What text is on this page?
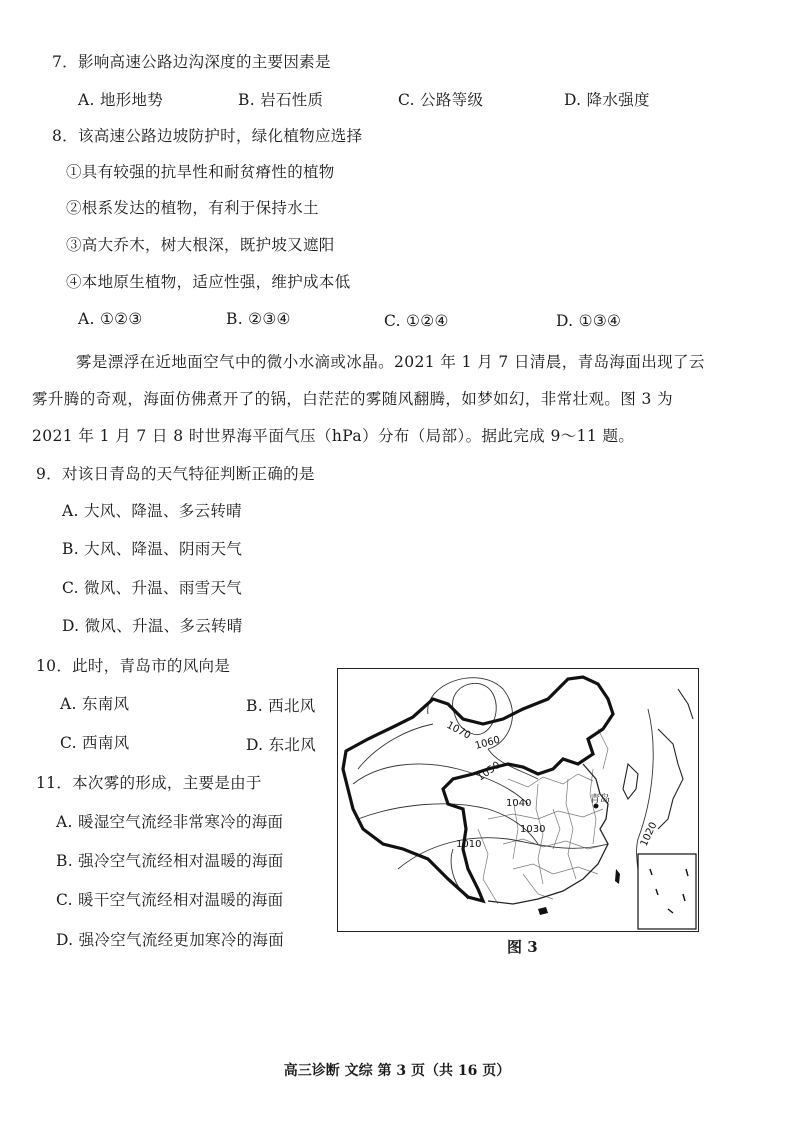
7．影响高速公路边沟深度的主要因素是
A. 地形地势	B. 岩石性质	C. 公路等级	D. 降水强度
8．该高速公路边坡防护时，绿化植物应选择
①具有较强的抗旱性和耐贫瘠性的植物
②根系发达的植物，有利于保持水土
③高大乔木，树大根深，既护坡又遮阳
④本地原生植物，适应性强，维护成本低
A. ①②③	B. ②③④	C. ①②④	D. ①③④
雾是漂浮在近地面空气中的微小水滴或冰晶。2021 年 1 月 7 日清晨，青岛海面出现了云
雾升腾的奇观，海面仿佛煮开了的锅，白茫茫的雾随风翻腾，如梦如幻，非常壮观。图 3 为
2021 年 1 月 7 日 8 时世界海平面气压（hPa）分布（局部）。据此完成 9～11 题。
9．对该日青岛的天气特征判断正确的是
A. 大风、降温、多云转晴
B. 大风、降温、阴雨天气
C. 微风、升温、雨雪天气
D. 微风、升温、多云转晴
10．此时，青岛市的风向是
A. 东南风	B. 西北风
C. 西南风	D. 东北风
11．本次雾的形成，主要是由于
A. 暖湿空气流经非常寒冷的海面
B. 强冷空气流经相对温暖的海面
C. 暖干空气流经相对温暖的海面
D. 强冷空气流经更加寒冷的海面
1070
1060
1050
1040
1030	1020
1010
青岛
图 3
高三诊断 文综 第 3 页（共 16 页）
